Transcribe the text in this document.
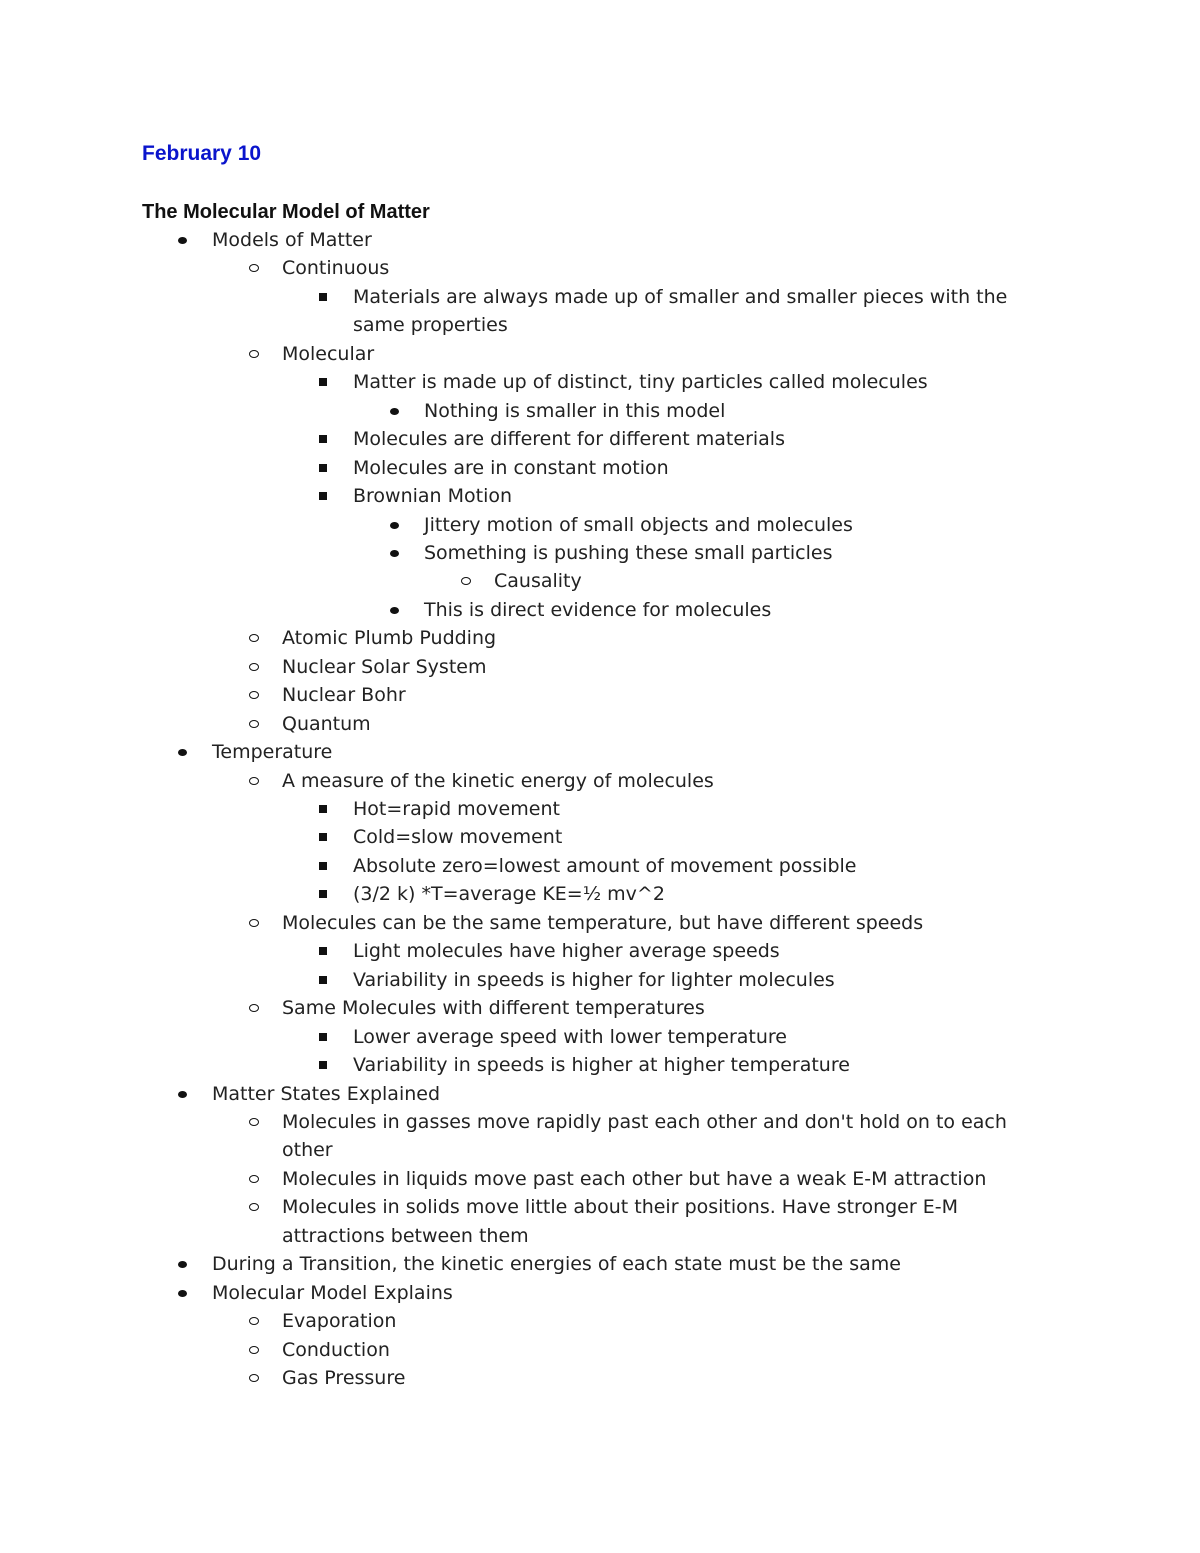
February 10
The Molecular Model of Matter
Models of Matter
Continuous
Materials are always made up of smaller and smaller pieces with the
same properties
Molecular
Matter is made up of distinct, tiny particles called molecules
Nothing is smaller in this model
Molecules are different for different materials
Molecules are in constant motion
Brownian Motion
Jittery motion of small objects and molecules
Something is pushing these small particles
Causality
This is direct evidence for molecules
Atomic Plumb Pudding
Nuclear Solar System
Nuclear Bohr
Quantum
Temperature
A measure of the kinetic energy of molecules
Hot=rapid movement
Cold=slow movement
Absolute zero=lowest amount of movement possible
(3/2 k) *T=average KE=½ mv^2
Molecules can be the same temperature, but have different speeds
Light molecules have higher average speeds
Variability in speeds is higher for lighter molecules
Same Molecules with different temperatures
Lower average speed with lower temperature
Variability in speeds is higher at higher temperature
Matter States Explained
Molecules in gasses move rapidly past each other and don't hold on to each
other
Molecules in liquids move past each other but have a weak E-M attraction
Molecules in solids move little about their positions. Have stronger E-M
attractions between them
During a Transition, the kinetic energies of each state must be the same
Molecular Model Explains
Evaporation
Conduction
Gas Pressure
